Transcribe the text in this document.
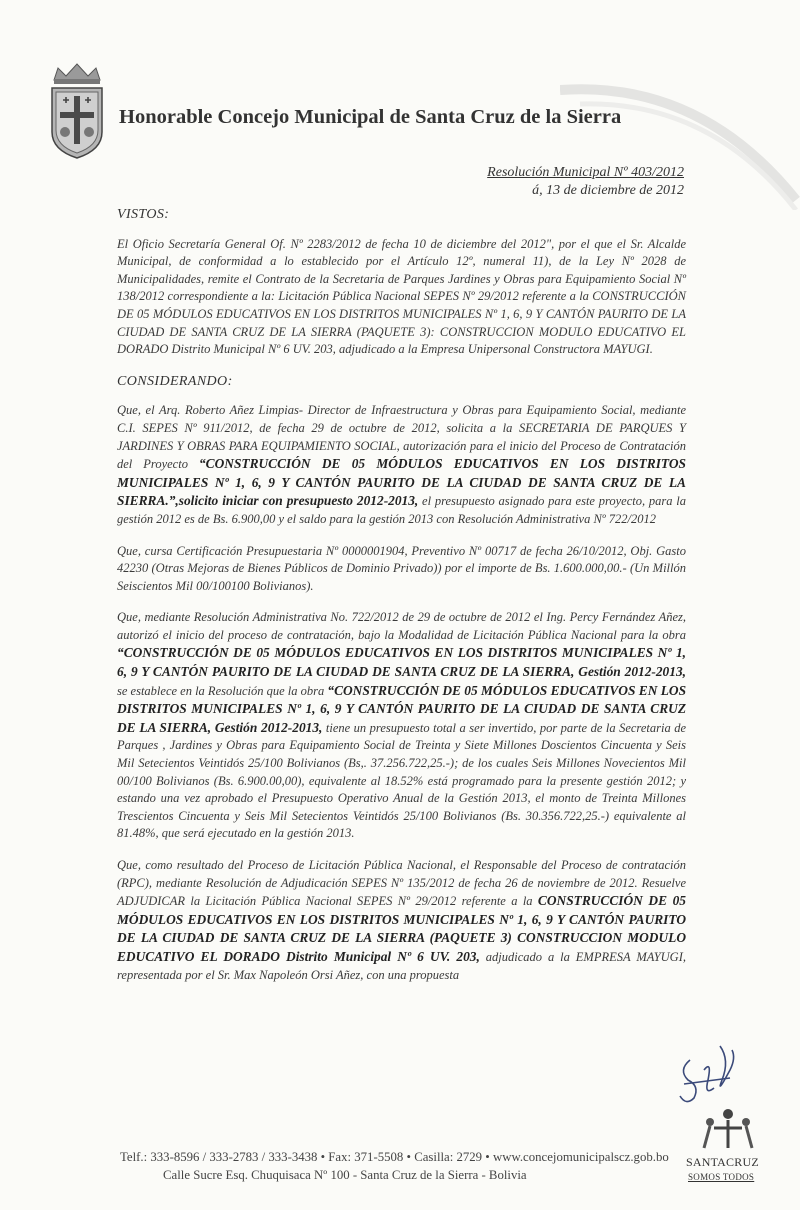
Honorable Concejo Municipal de Santa Cruz de la Sierra
Resolución Municipal Nº 403/2012
á, 13 de diciembre de 2012
VISTOS:

El Oficio Secretaría General Of. Nº 2283/2012 de fecha 10 de diciembre del 2012", por el que el Sr. Alcalde Municipal, de conformidad a lo establecido por el Artículo 12º, numeral 11), de la Ley Nº 2028 de Municipalidades, remite el Contrato de la Secretaria de Parques Jardines y Obras para Equipamiento Social Nº 138/2012 correspondiente a la: Licitación Pública Nacional SEPES Nº 29/2012 referente a la CONSTRUCCIÓN DE 05 MÓDULOS EDUCATIVOS EN LOS DISTRITOS MUNICIPALES Nº 1, 6, 9 Y CANTÓN PAURITO DE LA CIUDAD DE SANTA CRUZ DE LA SIERRA (PAQUETE 3): CONSTRUCCION MODULO EDUCATIVO EL DORADO Distrito Municipal Nº 6 UV. 203, adjudicado a la Empresa Unipersonal Constructora MAYUGI.

CONSIDERANDO:

Que, el Arq. Roberto Añez Limpias- Director de Infraestructura y Obras para Equipamiento Social, mediante C.I. SEPES Nº 911/2012, de fecha 29 de octubre de 2012, solicita a la SECRETARIA DE PARQUES Y JARDINES Y OBRAS PARA EQUIPAMIENTO SOCIAL, autorización para el inicio del Proceso de Contratación del Proyecto “CONSTRUCCIÓN DE 05 MÓDULOS EDUCATIVOS EN LOS DISTRITOS MUNICIPALES Nº 1, 6, 9 Y CANTÓN PAURITO DE LA CIUDAD DE SANTA CRUZ DE LA SIERRA.”,solicito iniciar con presupuesto 2012-2013, el presupuesto asignado para este proyecto, para la gestión 2012 es de Bs. 6.900,00 y el saldo para la gestión 2013 con Resolución Administrativa Nº 722/2012

Que, cursa Certificación Presupuestaria Nº 0000001904, Preventivo Nº 00717 de fecha 26/10/2012, Obj. Gasto 42230 (Otras Mejoras de Bienes Públicos de Dominio Privado)) por el importe de Bs. 1.600.000,00.- (Un Millón Seiscientos Mil 00/100100 Bolivianos).

Que, mediante Resolución Administrativa No. 722/2012 de 29 de octubre de 2012 el Ing. Percy Fernández Añez, autorizó el inicio del proceso de contratación, bajo la Modalidad de Licitación Pública Nacional para la obra “CONSTRUCCIÓN DE 05 MÓDULOS EDUCATIVOS EN LOS DISTRITOS MUNICIPALES Nº 1, 6, 9 Y CANTÓN PAURITO DE LA CIUDAD DE SANTA CRUZ DE LA SIERRA, Gestión 2012-2013, se establece en la Resolución que la obra “CONSTRUCCIÓN DE 05 MÓDULOS EDUCATIVOS EN LOS DISTRITOS MUNICIPALES Nº 1, 6, 9 Y CANTÓN PAURITO DE LA CIUDAD DE SANTA CRUZ DE LA SIERRA, Gestión 2012-2013, tiene un presupuesto total a ser invertido, por parte de la Secretaria de Parques , Jardines y Obras para Equipamiento Social de Treinta y Siete Millones Doscientos Cincuenta y Seis Mil Setecientos Veintidós 25/100 Bolivianos (Bs,. 37.256.722,25.-); de los cuales Seis Millones Novecientos Mil 00/100 Bolivianos (Bs. 6.900.00,00), equivalente al 18.52% está programado para la presente gestión 2012; y estando una vez aprobado el Presupuesto Operativo Anual de la Gestión 2013, el monto de Treinta Millones Trescientos Cincuenta y Seis Mil Setecientos Veintidós 25/100 Bolivianos (Bs. 30.356.722,25.-) equivalente al 81.48%, que será ejecutado en la gestión 2013.

Que, como resultado del Proceso de Licitación Pública Nacional, el Responsable del Proceso de contratación (RPC), mediante Resolución de Adjudicación SEPES Nº 135/2012 de fecha 26 de noviembre de 2012. Resuelve ADJUDICAR la Licitación Pública Nacional SEPES Nº 29/2012 referente a la CONSTRUCCIÓN DE 05 MÓDULOS EDUCATIVOS EN LOS DISTRITOS MUNICIPALES Nº 1, 6, 9 Y CANTÓN PAURITO DE LA CIUDAD DE SANTA CRUZ DE LA SIERRA (PAQUETE 3) CONSTRUCCION MODULO EDUCATIVO EL DORADO Distrito Municipal Nº 6 UV. 203, adjudicado a la EMPRESA MAYUGI, representada por el Sr. Max Napoleón Orsi Añez, con una propuesta

SANTACRUZ
SOMOS TODOS
Telf.: 333-8596 / 333-2783 / 333-3438 • Fax: 371-5508 • Casilla: 2729 • www.concejomunicipalscz.gob.bo
Calle Sucre Esq. Chuquisaca Nº 100 - Santa Cruz de la Sierra - Bolivia
